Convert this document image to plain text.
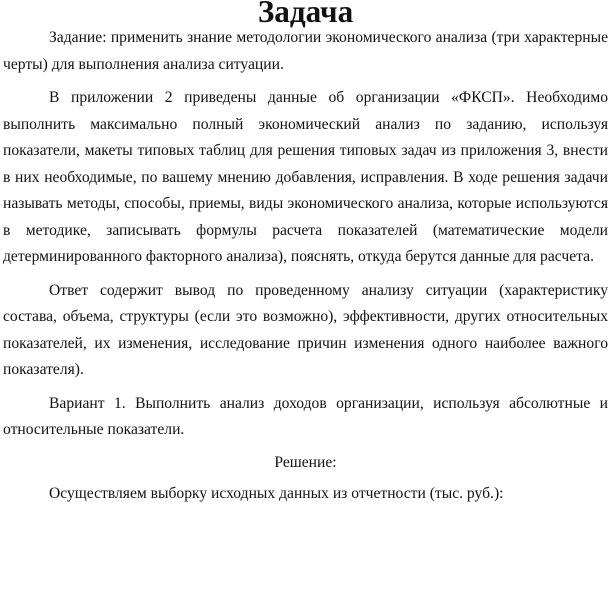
Задача

Задание: применить знание методологии экономического анализа (три характерные черты) для выполнения анализа ситуации.

В приложении 2 приведены данные об организации «ФКСП». Необходимо выполнить максимально полный экономический анализ по заданию, используя показатели, макеты типовых таблиц для решения типовых задач из приложения 3, внести в них необходимые, по вашему мнению добавления, исправления. В ходе решения задачи называть методы, способы, приемы, виды экономического анализа, которые используются в методике, записывать формулы расчета показателей (математические модели детерминированного факторного анализа), пояснять, откуда берутся данные для расчета.

Ответ содержит вывод по проведенному анализу ситуации (характеристику состава, объема, структуры (если это возможно), эффективности, других относительных показателей, их изменения, исследование причин изменения одного наиболее важного показателя).

Вариант 1. Выполнить анализ доходов организации, используя абсолютные и относительные показатели.

Решение:

Осуществляем выборку исходных данных из отчетности (тыс. руб.):
